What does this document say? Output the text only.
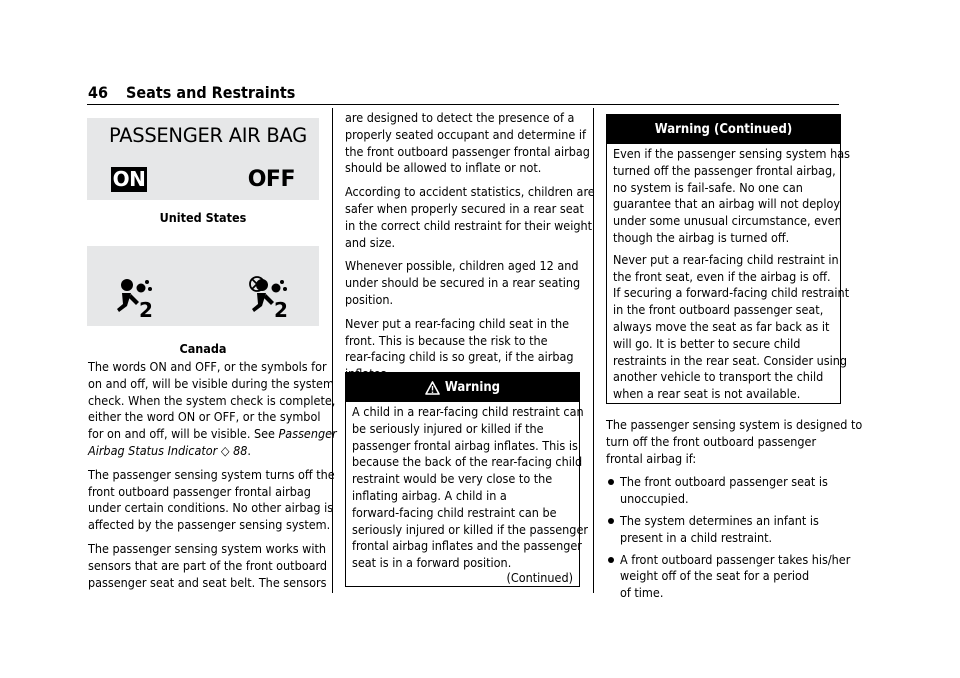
46 Seats and Restraints
PASSENGER AIR BAG
ON	OFF
United States
2	2
Canada

The words ON and OFF, or the symbols for
on and off, will be visible during the system
check. When the system check is complete,
either the word ON or OFF, or the symbol
for on and off, will be visible. See Passenger
Airbag Status Indicator ◇ 88.

The passenger sensing system turns off the
front outboard passenger frontal airbag
under certain conditions. No other airbag is
affected by the passenger sensing system.

The passenger sensing system works with
sensors that are part of the front outboard
passenger seat and seat belt. The sensors

are designed to detect the presence of a
properly seated occupant and determine if
the front outboard passenger frontal airbag
should be allowed to inflate or not.

According to accident statistics, children are
safer when properly secured in a rear seat
in the correct child restraint for their weight
and size.

Whenever possible, children aged 12 and
under should be secured in a rear seating
position.

Never put a rear-facing child seat in the
front. This is because the risk to the
rear-facing child is so great, if the airbag

Warning
A child in a rear-facing child restraint can
be seriously injured or killed if the
passenger frontal airbag inflates. This is
because the back of the rear-facing child
restraint would be very close to the
inflating airbag. A child in a
forward-facing child restraint can be
seriously injured or killed if the passenger
frontal airbag inflates and the passenger
seat is in a forward position.
(Continued)
Warning (Continued)

Even if the passenger sensing system has
turned off the passenger frontal airbag,
no system is fail-safe. No one can
guarantee that an airbag will not deploy
under some unusual circumstance, even
though the airbag is turned off.

Never put a rear-facing child restraint in
the front seat, even if the airbag is off.
If securing a forward-facing child restraint
in the front outboard passenger seat,
always move the seat as far back as it
will go. It is better to secure child
restraints in the rear seat. Consider using
another vehicle to transport the child
when a rear seat is not available.

The passenger sensing system is designed to
turn off the front outboard passenger
frontal airbag if:

The front outboard passenger seat is
unoccupied.
The system determines an infant is
present in a child restraint.
A front outboard passenger takes his/her
weight off of the seat for a period
of time.
